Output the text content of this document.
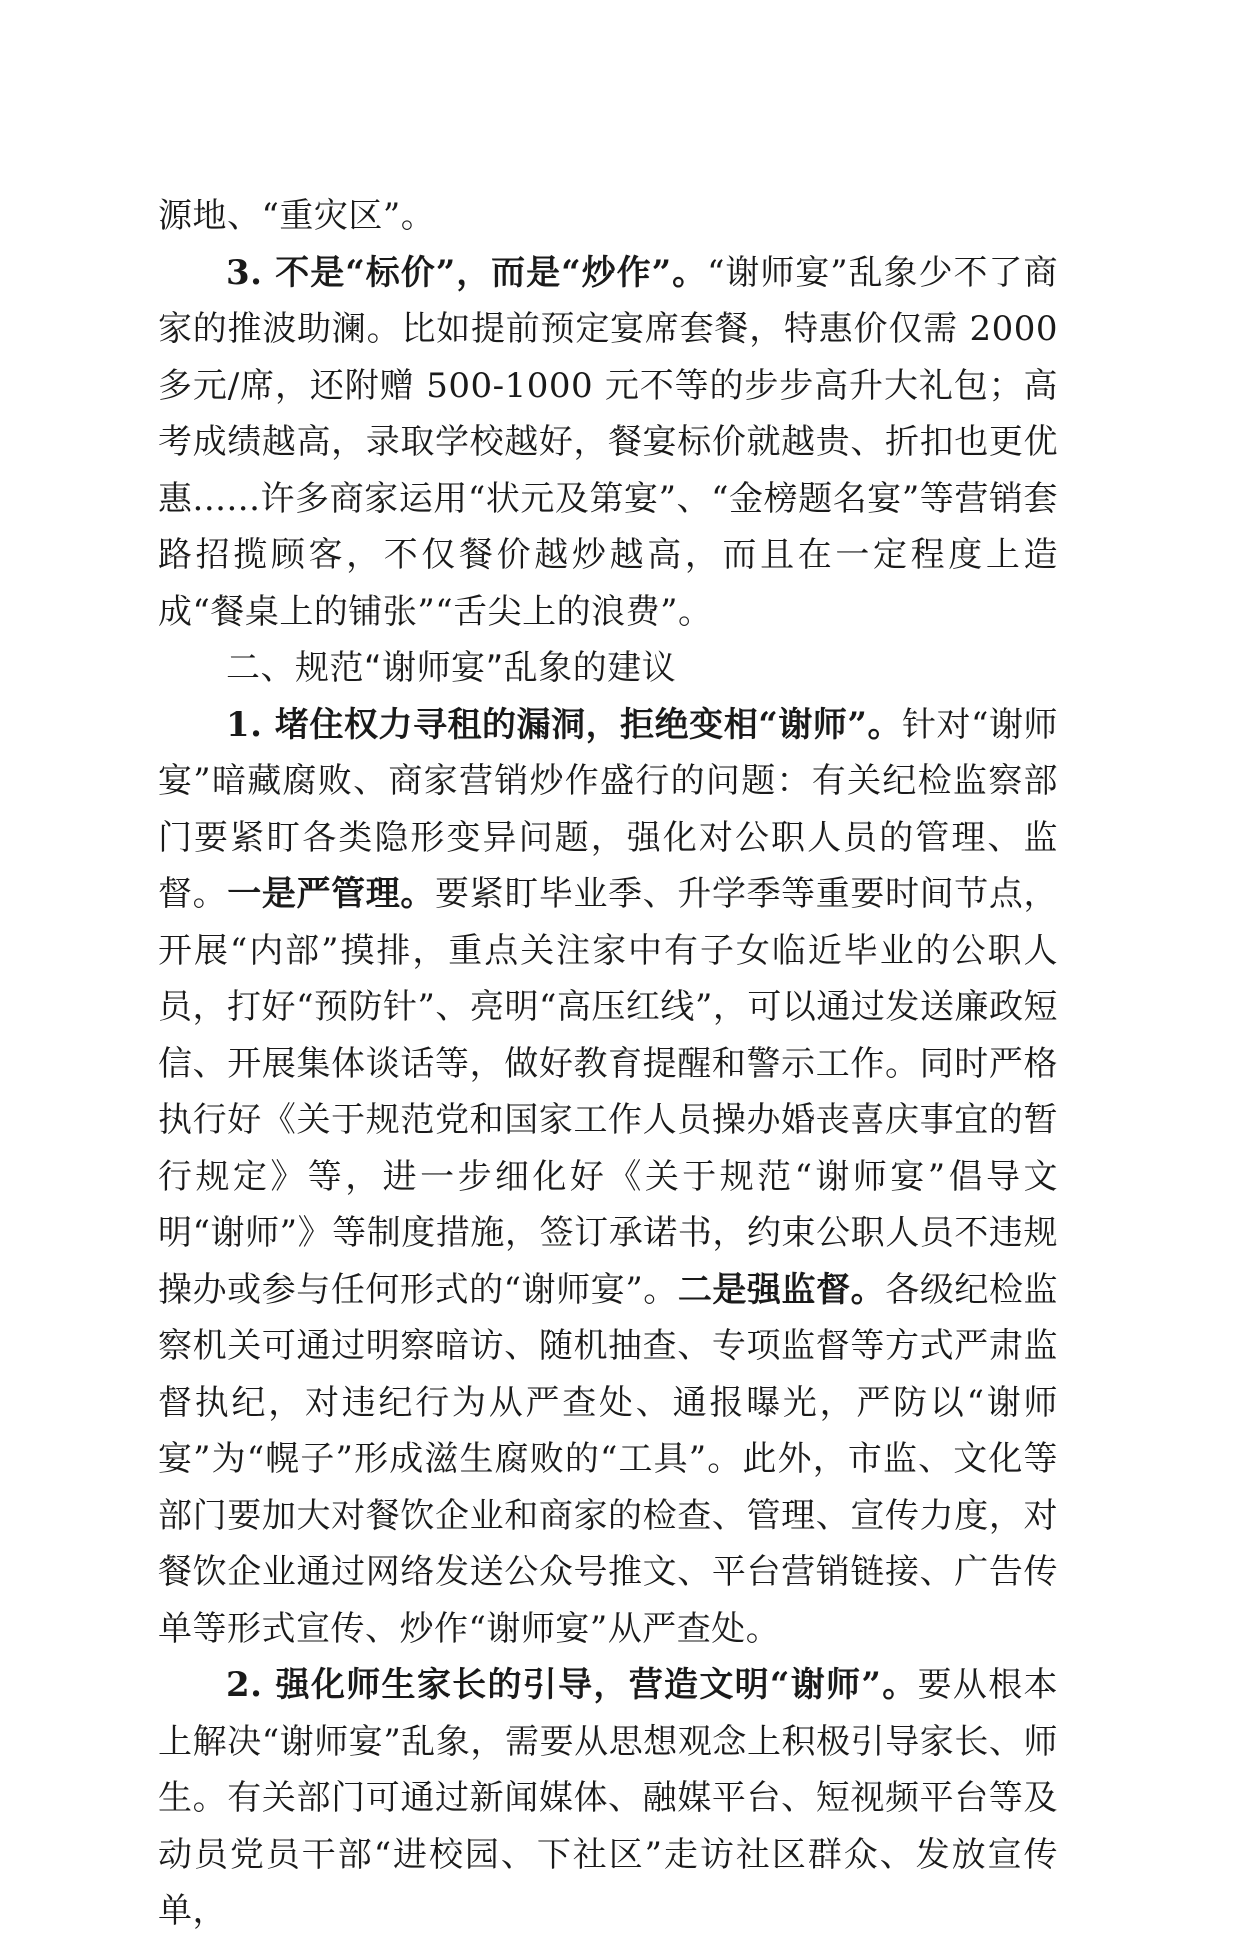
源地、“重灾区”。

3. 不是“标价”，而是“炒作”。“谢师宴”乱象少不了商家的推波助澜。比如提前预定宴席套餐，特惠价仅需 2000 多元/席，还附赠 500-1000 元不等的步步高升大礼包；高考成绩越高，录取学校越好，餐宴标价就越贵、折扣也更优惠......许多商家运用“状元及第宴”、“金榜题名宴”等营销套路招揽顾客，不仅餐价越炒越高，而且在一定程度上造成“餐桌上的铺张”“舌尖上的浪费”。

二、规范“谢师宴”乱象的建议

1. 堵住权力寻租的漏洞，拒绝变相“谢师”。针对“谢师宴”暗藏腐败、商家营销炒作盛行的问题：有关纪检监察部门要紧盯各类隐形变异问题，强化对公职人员的管理、监督。一是严管理。要紧盯毕业季、升学季等重要时间节点，开展“内部”摸排，重点关注家中有子女临近毕业的公职人员，打好“预防针”、亮明“高压红线”，可以通过发送廉政短信、开展集体谈话等，做好教育提醒和警示工作。同时严格执行好《关于规范党和国家工作人员操办婚丧喜庆事宜的暂行规定》等，进一步细化好《关于规范“谢师宴”倡导文明“谢师”》等制度措施，签订承诺书，约束公职人员不违规操办或参与任何形式的“谢师宴”。二是强监督。各级纪检监察机关可通过明察暗访、随机抽查、专项监督等方式严肃监督执纪，对违纪行为从严查处、通报曝光，严防以“谢师宴”为“幌子”形成滋生腐败的“工具”。此外，市监、文化等部门要加大对餐饮企业和商家的检查、管理、宣传力度，对餐饮企业通过网络发送公众号推文、平台营销链接、广告传单等形式宣传、炒作“谢师宴”从严查处。

2. 强化师生家长的引导，营造文明“谢师”。要从根本上解决“谢师宴”乱象，需要从思想观念上积极引导家长、师生。有关部门可通过新闻媒体、融媒平台、短视频平台等及动员党员干部“进校园、下社区”走访社区群众、发放宣传单，
